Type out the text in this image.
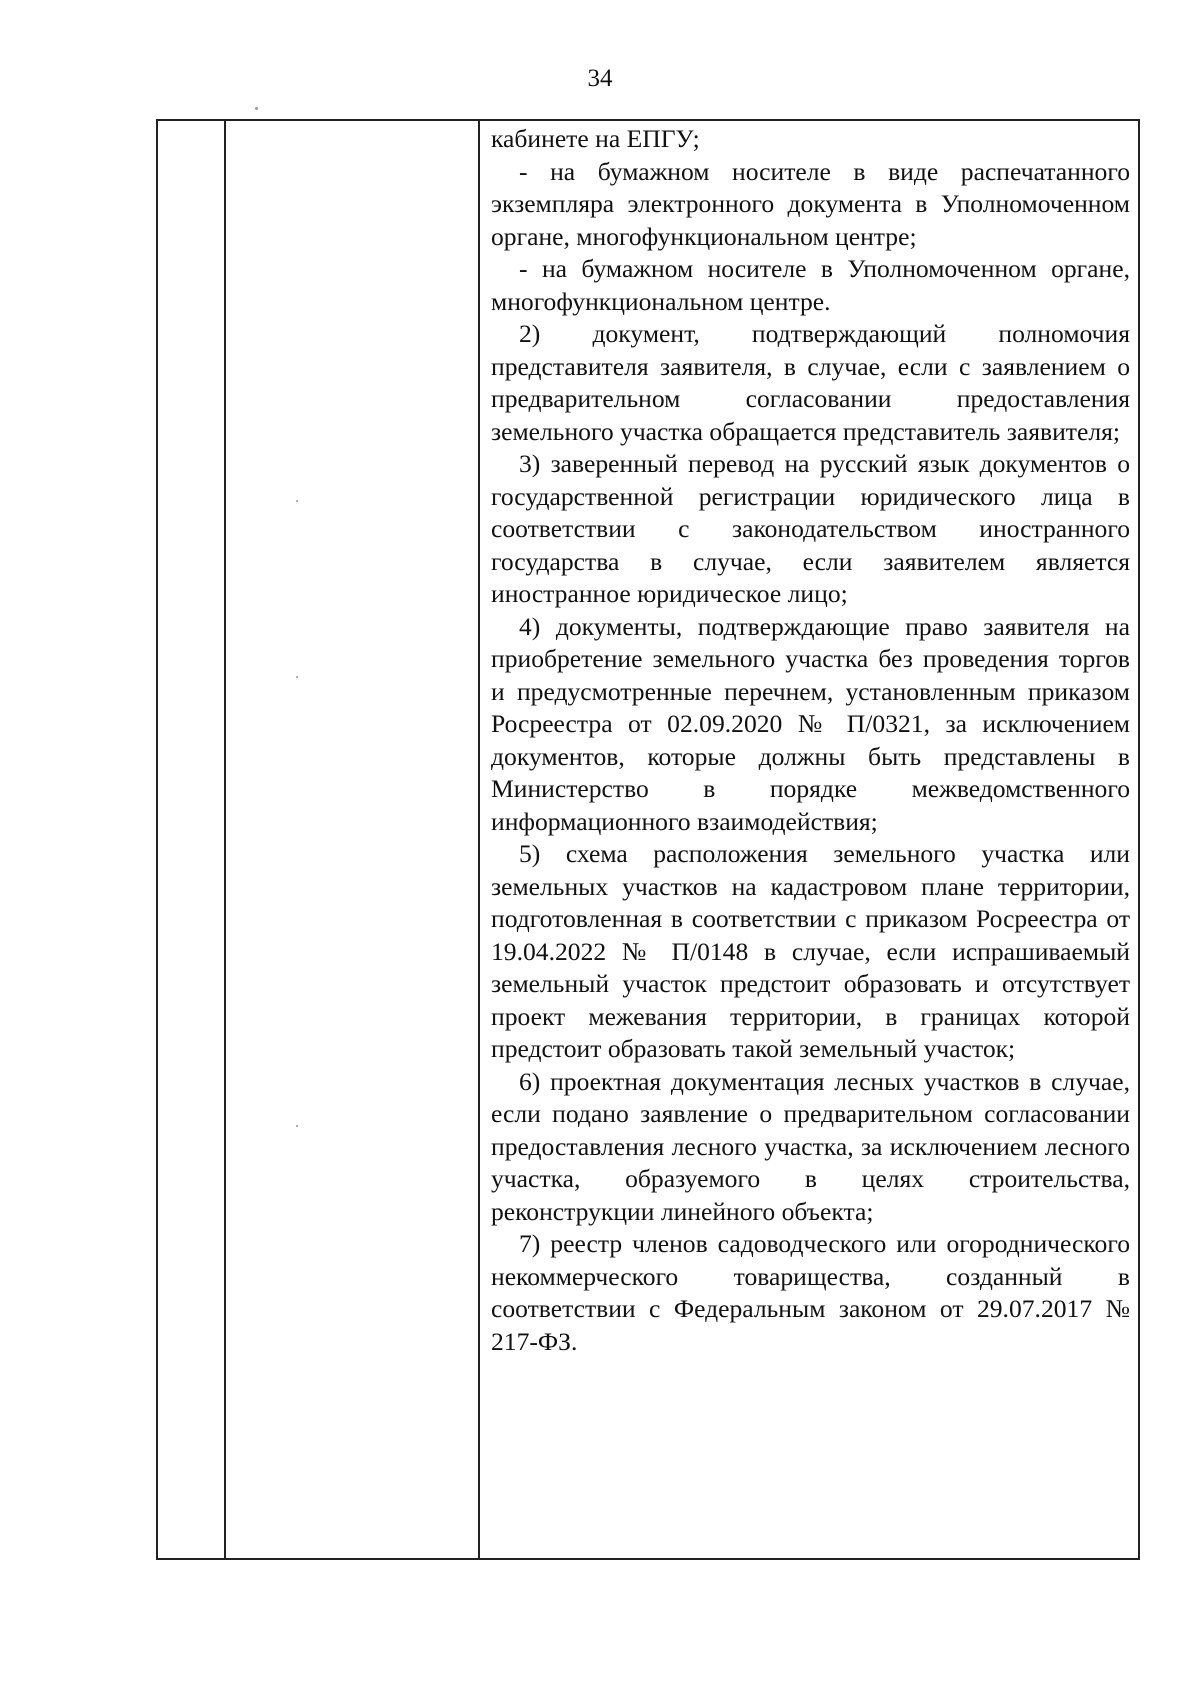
34

кабинете на ЕПГУ;

- на бумажном носителе в виде распечатанного экземпляра электронного документа в Уполномоченном органе, многофункциональном центре;

- на бумажном носителе в Уполномоченном органе, многофункциональном центре.

2) документ, подтверждающий полномочия представителя заявителя, в случае, если с заявлением о предварительном согласовании предоставления земельного участка обращается представитель заявителя;

3) заверенный перевод на русский язык документов о государственной регистрации юридического лица в соответствии с законодательством иностранного государства в случае, если заявителем является иностранное юридическое лицо;

4) документы, подтверждающие право заявителя на приобретение земельного участка без проведения торгов и предусмотренные перечнем, установленным приказом Росреестра от 02.09.2020 № П/0321, за исключением документов, которые должны быть представлены в Министерство в порядке межведомственного информационного взаимодействия;

5) схема расположения земельного участка или земельных участков на кадастровом плане территории, подготовленная в соответствии с приказом Росреестра от 19.04.2022 № П/0148 в случае, если испрашиваемый земельный участок предстоит образовать и отсутствует проект межевания территории, в границах которой предстоит образовать такой земельный участок;

6) проектная документация лесных участков в случае, если подано заявление о предварительном согласовании предоставления лесного участка, за исключением лесного участка, образуемого в целях строительства, реконструкции линейного объекта;

7) реестр членов садоводческого или огороднического некоммерческого товарищества, созданный в соответствии с Федеральным законом от 29.07.2017 № 217-ФЗ.
